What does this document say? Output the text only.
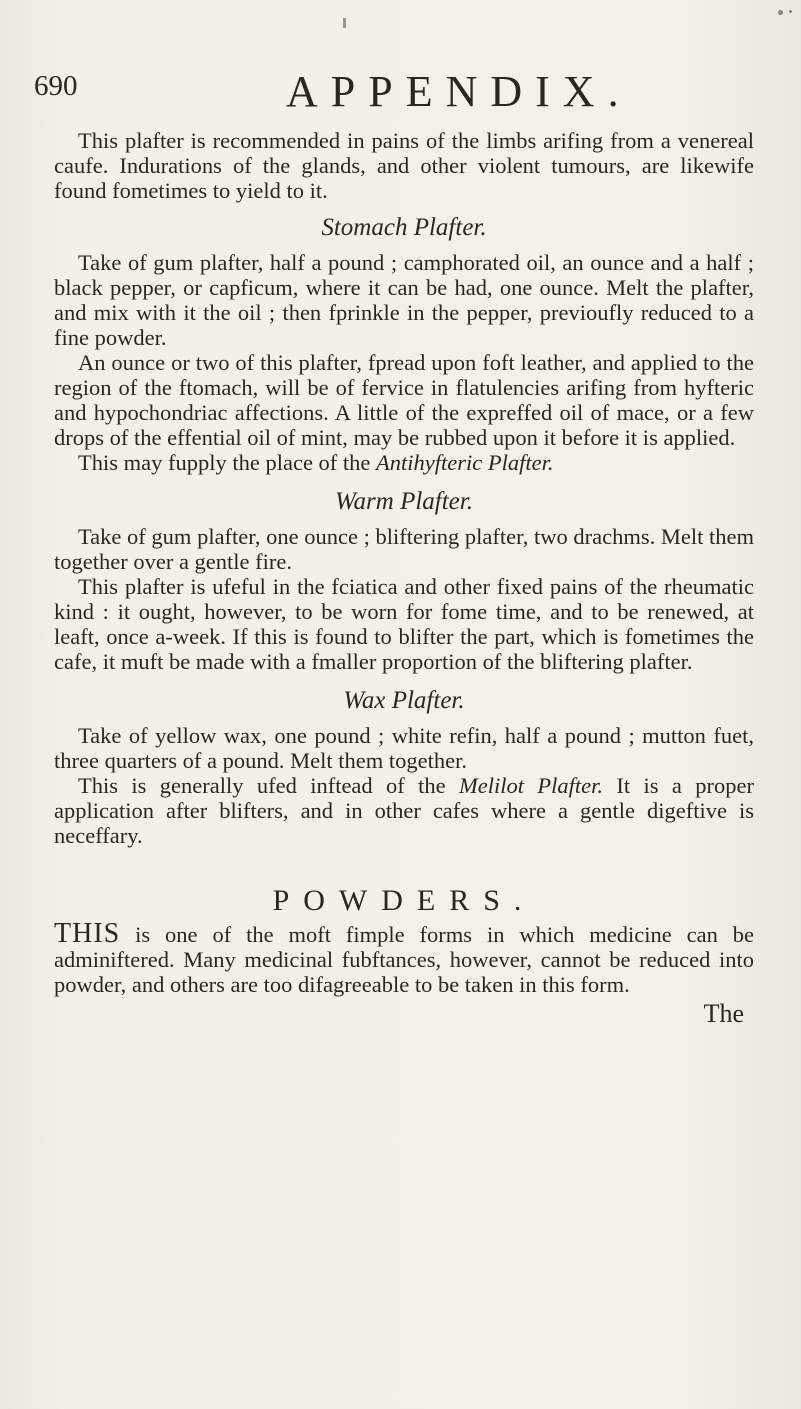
690	APPENDIX.

This plafter is recommended in pains of the limbs arifing from a venereal caufe. Indurations of the glands, and other violent tumours, are likewife found fometimes to yield to it.

Stomach Plafter.

Take of gum plafter, half a pound ; camphorated oil, an ounce and a half ; black pepper, or capficum, where it can be had, one ounce. Melt the plafter, and mix with it the oil ; then fprinkle in the pepper, previoufly reduced to a fine powder.

An ounce or two of this plafter, fpread upon foft leather, and applied to the region of the ftomach, will be of fervice in flatulencies arifing from hyfteric and hypochondriac affections. A little of the expreffed oil of mace, or a few drops of the effential oil of mint, may be rubbed upon it before it is applied.

This may fupply the place of the Antihyfteric Plafter.

Warm Plafter.

Take of gum plafter, one ounce ; bliftering plafter, two drachms. Melt them together over a gentle fire.

This plafter is ufeful in the fciatica and other fixed pains of the rheumatic kind : it ought, however, to be worn for fome time, and to be renewed, at leaft, once a-week. If this is found to blifter the part, which is fometimes the cafe, it muft be made with a fmaller proportion of the bliftering plafter.

Wax Plafter.

Take of yellow wax, one pound ; white refin, half a pound ; mutton fuet, three quarters of a pound. Melt them together.

This is generally ufed inftead of the Melilot Plafter. It is a proper application after blifters, and in other cafes where a gentle digeftive is neceffary.

POWDERS.

THIS is one of the moft fimple forms in which medicine can be adminiftered. Many medicinal fubftances, however, cannot be reduced into powder, and others are too difagreeable to be taken in this form.

The
